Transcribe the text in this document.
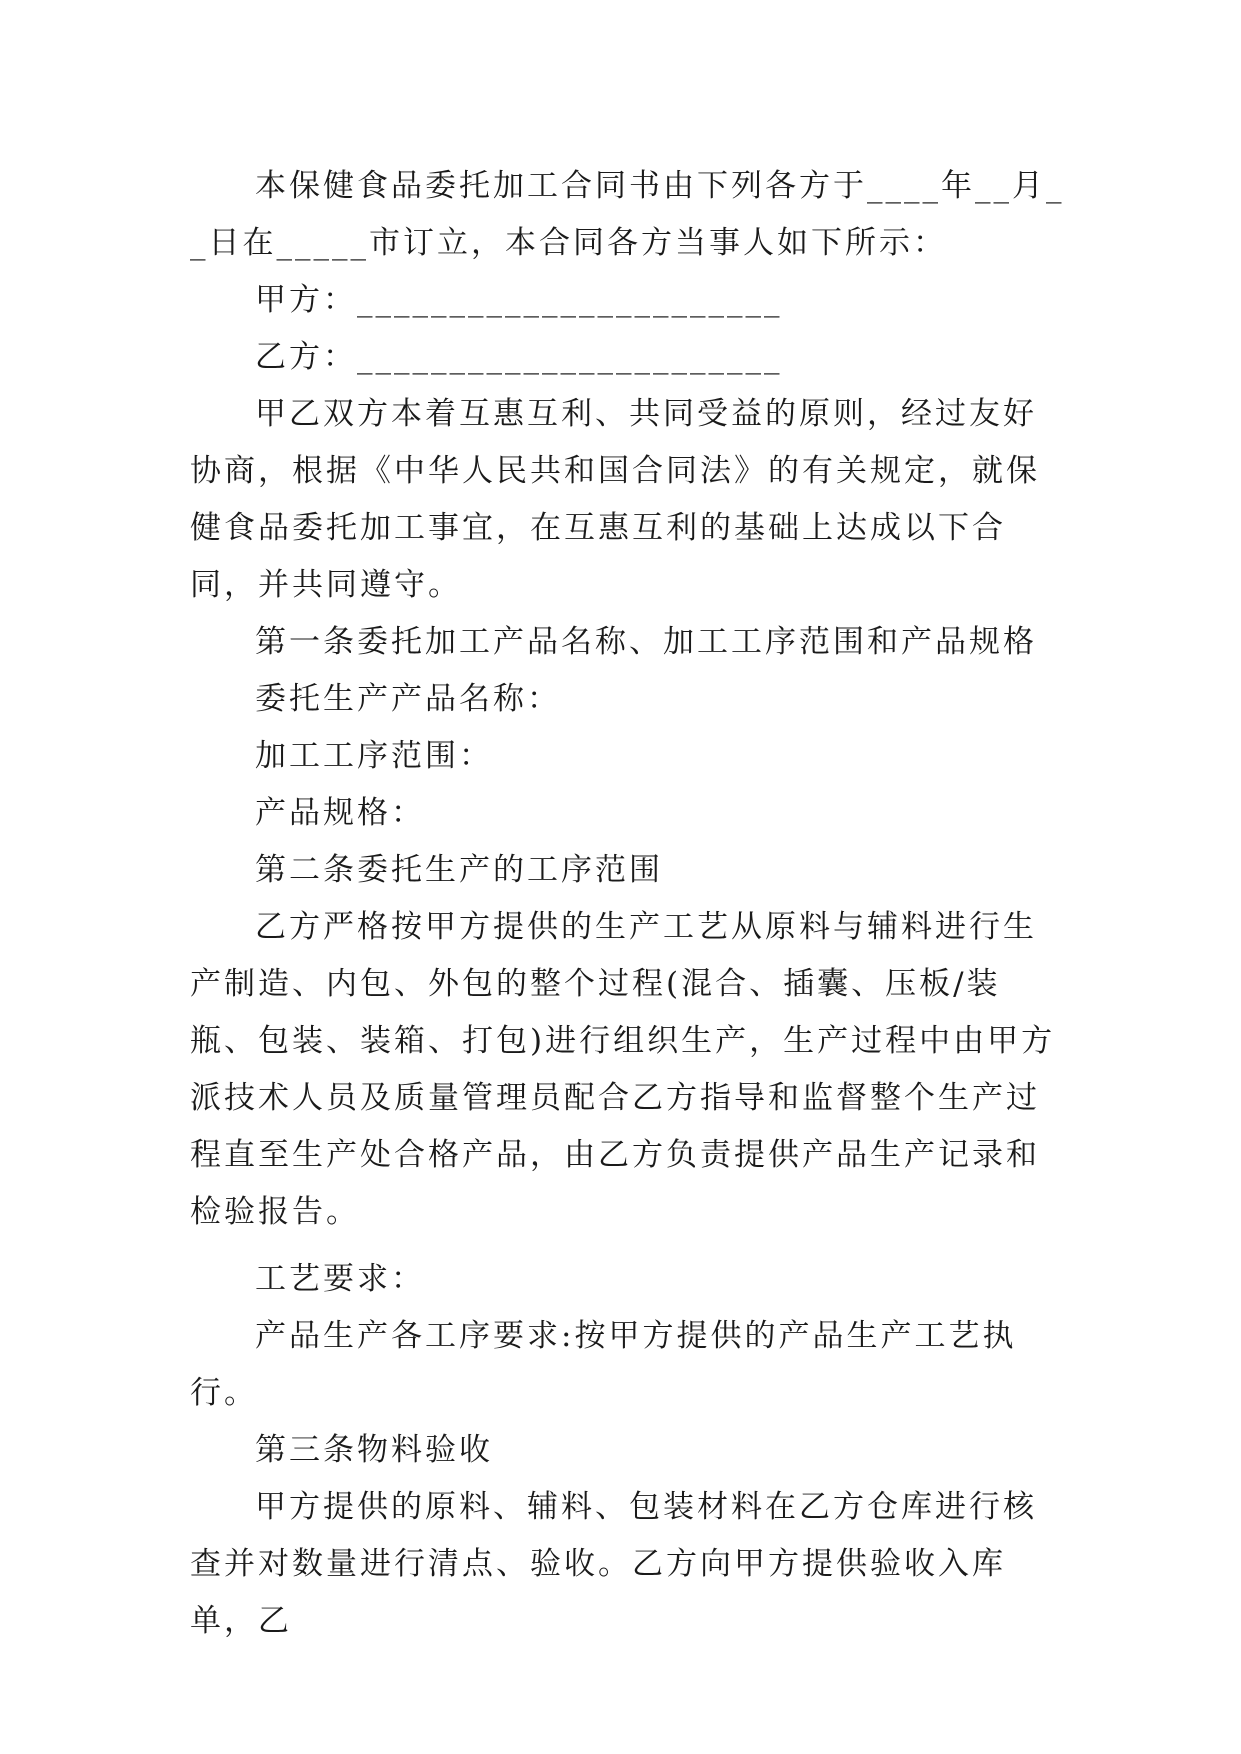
本保健食品委托加工合同书由下列各方于____年__月__日在_____市订立，本合同各方当事人如下所示：

甲方：_______________________

乙方：_______________________

甲乙双方本着互惠互利、共同受益的原则，经过友好协商，根据《中华人民共和国合同法》的有关规定，就保健食品委托加工事宜，在互惠互利的基础上达成以下合同，并共同遵守。

第一条委托加工产品名称、加工工序范围和产品规格

委托生产产品名称：

加工工序范围：

产品规格：

第二条委托生产的工序范围

乙方严格按甲方提供的生产工艺从原料与辅料进行生产制造、内包、外包的整个过程(混合、插囊、压板/装瓶、包装、装箱、打包)进行组织生产，生产过程中由甲方派技术人员及质量管理员配合乙方指导和监督整个生产过程直至生产处合格产品，由乙方负责提供产品生产记录和检验报告。

工艺要求：

产品生产各工序要求:按甲方提供的产品生产工艺执行。

第三条物料验收

甲方提供的原料、辅料、包装材料在乙方仓库进行核查并对数量进行清点、验收。乙方向甲方提供验收入库单，乙
